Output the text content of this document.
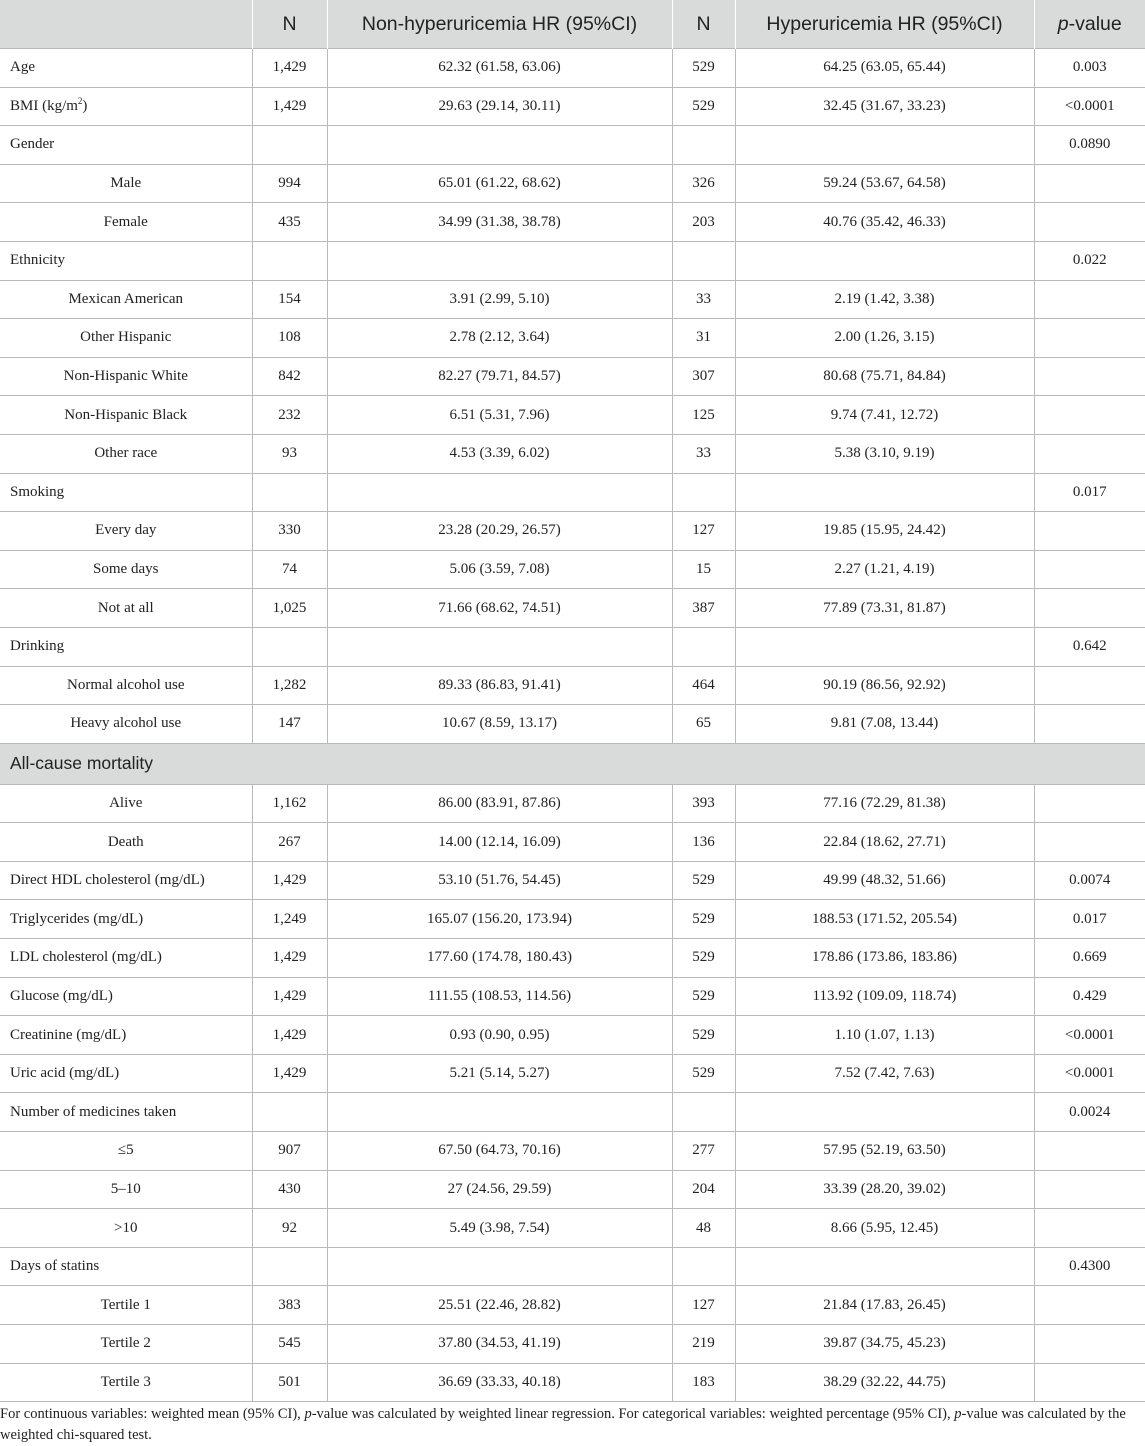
	N	Non-hyperuricemia HR (95%CI)	N	Hyperuricemia HR (95%CI)	p-value
Age	1,429	62.32 (61.58, 63.06)	529	64.25 (63.05, 65.44)	0.003
BMI $(kg/m^2)$	1,429	29.63 (29.14, 30.11)	529	32.45 (31.67, 33.23)	<0.0001
Gender					0.0890
Male	994	65.01 (61.22, 68.62)	326	59.24 (53.67, 64.58)	
Female	435	34.99 (31.38, 38.78)	203	40.76 (35.42, 46.33)	
Ethnicity					0.022
Mexican American	154	3.91 (2.99, 5.10)	33	2.19 (1.42, 3.38)	
Other Hispanic	108	2.78 (2.12, 3.64)	31	2.00 (1.26, 3.15)	
Non-Hispanic White	842	82.27 (79.71, 84.57)	307	80.68 (75.71, 84.84)	
Non-Hispanic Black	232	6.51 (5.31, 7.96)	125	9.74 (7.41, 12.72)	
Other race	93	4.53 (3.39, 6.02)	33	5.38 (3.10, 9.19)	
Smoking					0.017
Every day	330	23.28 (20.29, 26.57)	127	19.85 (15.95, 24.42)	
Some days	74	5.06 (3.59, 7.08)	15	2.27 (1.21, 4.19)	
Not at all	1,025	71.66 (68.62, 74.51)	387	77.89 (73.31, 81.87)	
Drinking					0.642
Normal alcohol use	1,282	89.33 (86.83, 91.41)	464	90.19 (86.56, 92.92)	
Heavy alcohol use	147	10.67 (8.59, 13.17)	65	9.81 (7.08, 13.44)	
All-cause mortality					
Alive	1,162	86.00 (83.91, 87.86)	393	77.16 (72.29, 81.38)	
Death	267	14.00 (12.14, 16.09)	136	22.84 (18.62, 27.71)	
Direct HDL cholesterol (mg/dL)	1,429	53.10 (51.76, 54.45)	529	49.99 (48.32, 51.66)	0.0074
Triglycerides (mg/dL)	1,249	165.07 (156.20, 173.94)	529	188.53 (171.52, 205.54)	0.017
LDL cholesterol (mg/dL)	1,429	177.60 (174.78, 180.43)	529	178.86 (173.86, 183.86)	0.669
Glucose (mg/dL)	1,429	111.55 (108.53, 114.56)	529	113.92 (109.09, 118.74)	0.429
Creatinine (mg/dL)	1,429	0.93 (0.90, 0.95)	529	1.10 (1.07, 1.13)	<0.0001
Uric acid (mg/dL)	1,429	5.21 (5.14, 5.27)	529	7.52 (7.42, 7.63)	<0.0001
Number of medicines taken					0.0024
≤5	907	67.50 (64.73, 70.16)	277	57.95 (52.19, 63.50)	
5–10	430	27 (24.56, 29.59)	204	33.39 (28.20, 39.02)	
>10	92	5.49 (3.98, 7.54)	48	8.66 (5.95, 12.45)	
Days of statins					0.4300
Tertile 1	383	25.51 (22.46, 28.82)	127	21.84 (17.83, 26.45)	
Tertile 2	545	37.80 (34.53, 41.19)	219	39.87 (34.75, 45.23)	
Tertile 3	501	36.69 (33.33, 40.18)	183	38.29 (32.22, 44.75)	
For continuous variables: weighted mean (95% CI), p-value was calculated by weighted linear regression. For categorical variables: weighted percentage (95% CI), p-value was calculated by the weighted chi-squared test.
